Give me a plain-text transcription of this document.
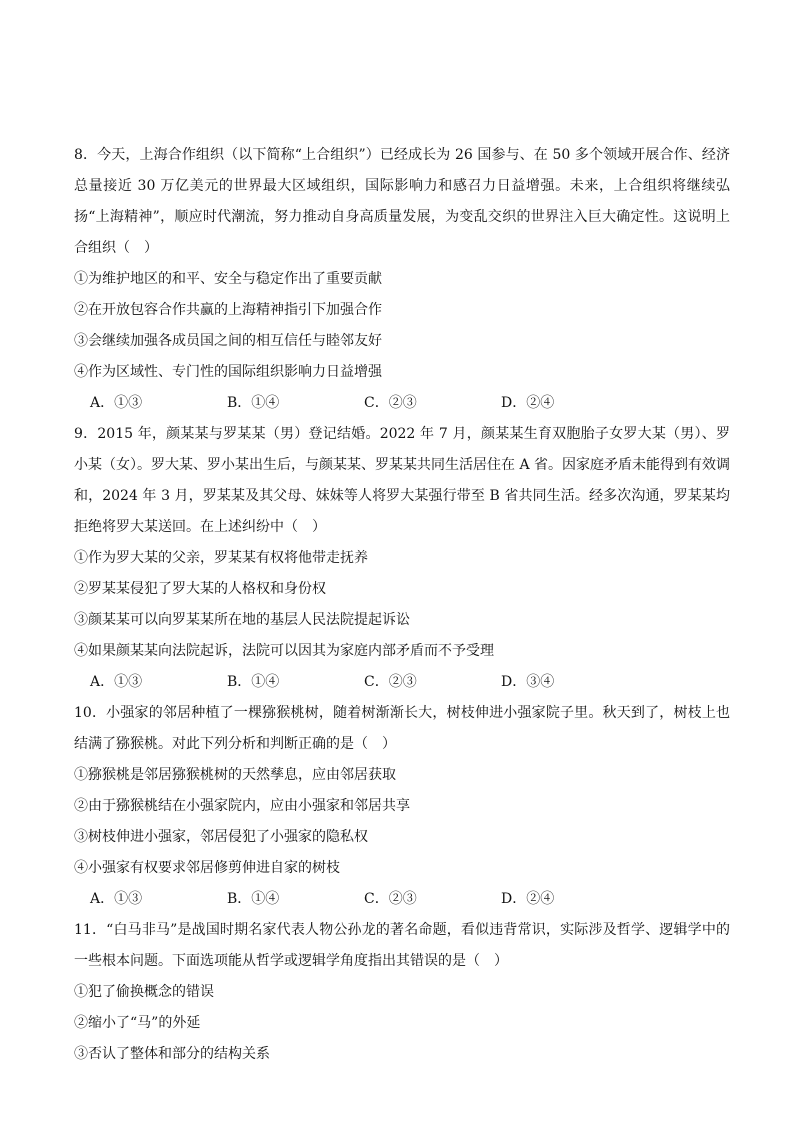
8．今天，上海合作组织（以下简称“上合组织”）已经成长为 26 国参与、在 50 多个领域开展合作、经济总量接近 30 万亿美元的世界最大区域组织，国际影响力和感召力日益增强。未来，上合组织将继续弘扬“上海精神”，顺应时代潮流，努力推动自身高质量发展，为变乱交织的世界注入巨大确定性。这说明上合组织（　）

①为维护地区的和平、安全与稳定作出了重要贡献

②在开放包容合作共赢的上海精神指引下加强合作

③会继续加强各成员国之间的相互信任与睦邻友好

④作为区域性、专门性的国际组织影响力日益增强

A．①③	B．①④	C．②③	D．②④

9．2015 年，颜某某与罗某某（男）登记结婚。2022 年 7 月，颜某某生育双胞胎子女罗大某（男）、罗小某（女）。罗大某、罗小某出生后，与颜某某、罗某某共同生活居住在 A 省。因家庭矛盾未能得到有效调和，2024 年 3 月，罗某某及其父母、妹妹等人将罗大某强行带至 B 省共同生活。经多次沟通，罗某某均拒绝将罗大某送回。在上述纠纷中（　）

①作为罗大某的父亲，罗某某有权将他带走抚养

②罗某某侵犯了罗大某的人格权和身份权

③颜某某可以向罗某某所在地的基层人民法院提起诉讼

④如果颜某某向法院起诉，法院可以因其为家庭内部矛盾而不予受理

A．①③	B．①④	C．②③	D．③④

10．小强家的邻居种植了一棵猕猴桃树，随着树渐渐长大，树枝伸进小强家院子里。秋天到了，树枝上也结满了猕猴桃。对此下列分析和判断正确的是（　）

①猕猴桃是邻居猕猴桃树的天然孳息，应由邻居获取

②由于猕猴桃结在小强家院内，应由小强家和邻居共享

③树枝伸进小强家，邻居侵犯了小强家的隐私权

④小强家有权要求邻居修剪伸进自家的树枝

A．①③	B．①④	C．②③	D．②④

11．“白马非马”是战国时期名家代表人物公孙龙的著名命题，看似违背常识，实际涉及哲学、逻辑学中的一些根本问题。下面选项能从哲学或逻辑学角度指出其错误的是（　）

①犯了偷换概念的错误

②缩小了“马”的外延

③否认了整体和部分的结构关系
